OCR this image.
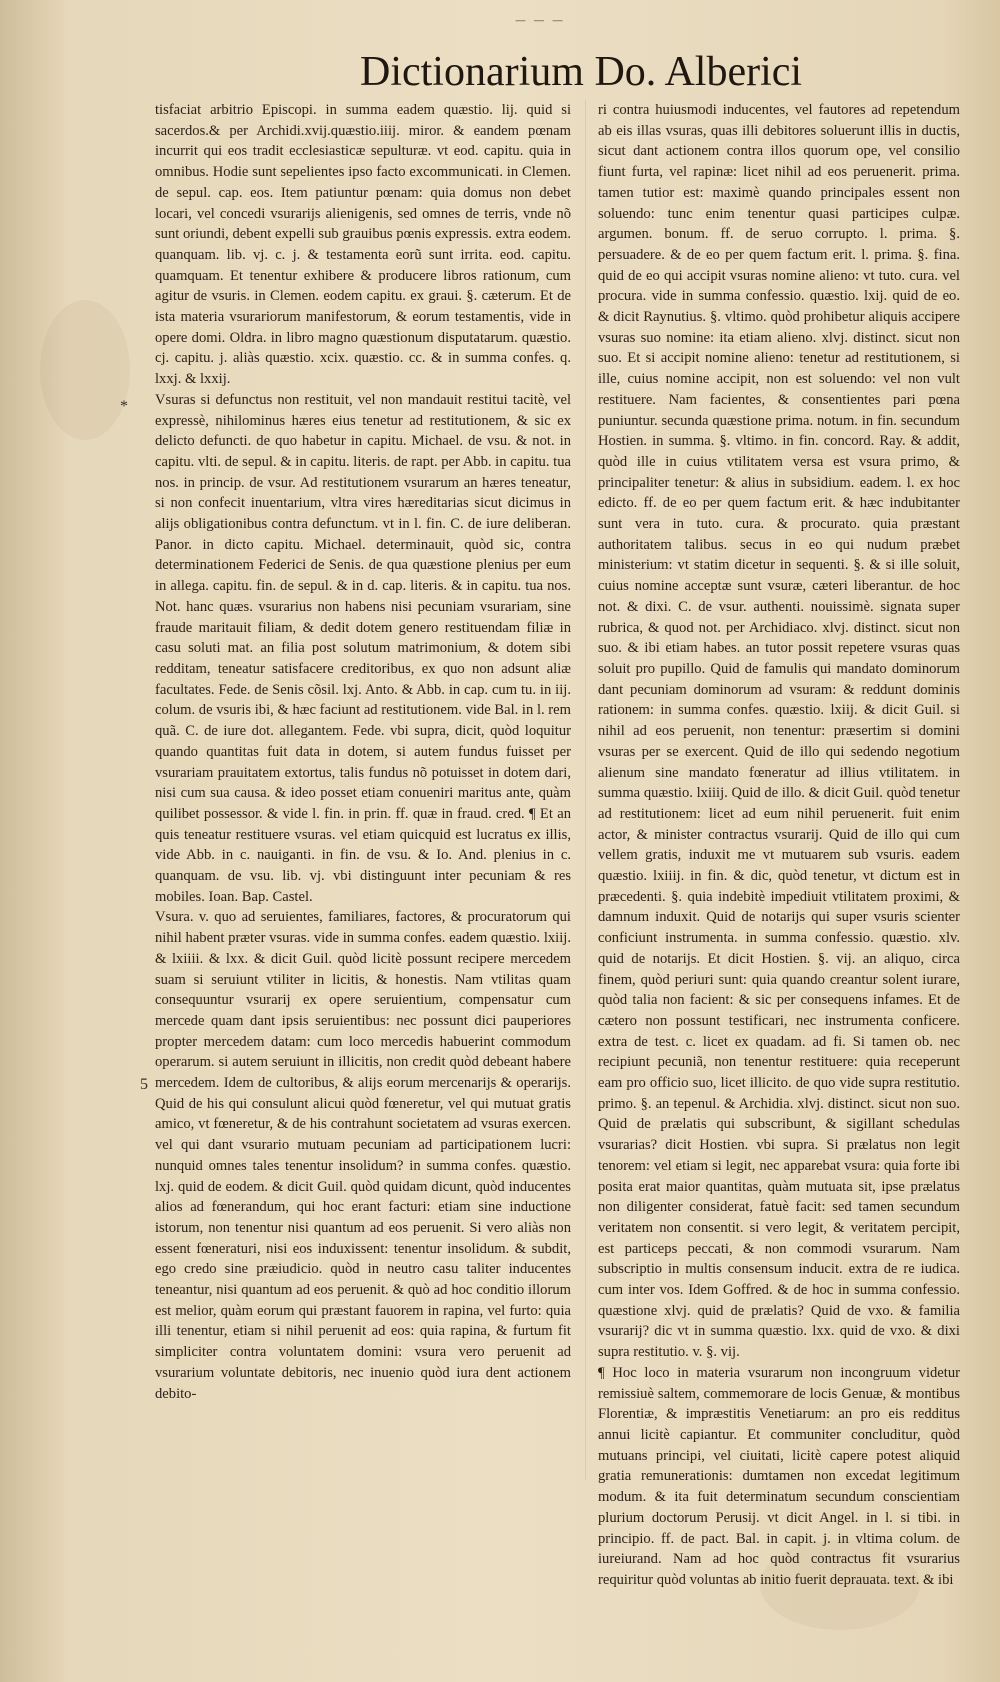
— — —
Dictionarium Do. Alberici
*
5

tisfaciat arbitrio Episcopi. in summa eadem quæstio. lij. quid si sacerdos.& per Archidi.xvij.quæstio.iiij. miror. & eandem pœnam incurrit qui eos tradit ecclesiasticæ sepulturæ. vt eod. capitu. quia in omnibus. Hodie sunt sepelientes ipso facto excommunicati. in Clemen. de sepul. cap. eos. Item patiuntur pœnam: quia domus non debet locari, vel concedi vsurarijs alienigenis, sed omnes de terris, vnde nõ sunt oriundi, debent expelli sub grauibus pœnis expressis. extra eodem. quanquam. lib. vj. c. j. & testamenta eorũ sunt irrita. eod. capitu. quamquam. Et tenentur exhibere & producere libros rationum, cum agitur de vsuris. in Clemen. eodem capitu. ex graui. §. cæterum. Et de ista materia vsurariorum manifestorum, & eorum testamentis, vide in opere domi. Oldra. in libro magno quæstionum disputatarum. quæstio. cj. capitu. j. aliàs quæstio. xcix. quæstio. cc. & in summa confes. q. lxxj. & lxxij.

Vsuras si defunctus non restituit, vel non mandauit restitui tacitè, vel expressè, nihilominus hæres eius tenetur ad restitutionem, & sic ex delicto defuncti. de quo habetur in capitu. Michael. de vsu. & not. in capitu. vlti. de sepul. & in capitu. literis. de rapt. per Abb. in capitu. tua nos. in princip. de vsur. Ad restitutionem vsurarum an hæres teneatur, si non confecit inuentarium, vltra vires hæreditarias sicut dicimus in alijs obligationibus contra defunctum. vt in l. fin. C. de iure deliberan. Panor. in dicto capitu. Michael. determinauit, quòd sic, contra determinationem Federici de Senis. de qua quæstione plenius per eum in allega. capitu. fin. de sepul. & in d. cap. literis. & in capitu. tua nos. Not. hanc quæs. vsurarius non habens nisi pecuniam vsurariam, sine fraude maritauit filiam, & dedit dotem genero restituendam filiæ in casu soluti mat. an filia post solutum matrimonium, & dotem sibi redditam, teneatur satisfacere creditoribus, ex quo non adsunt aliæ facultates. Fede. de Senis cõsil. lxj. Anto. & Abb. in cap. cum tu. in iij. colum. de vsuris ibi, & hæc faciunt ad restitutionem. vide Bal. in l. rem quã. C. de iure dot. allegantem. Fede. vbi supra, dicit, quòd loquitur quando quantitas fuit data in dotem, si autem fundus fuisset per vsurariam prauitatem extortus, talis fundus nõ potuisset in dotem dari, nisi cum sua causa. & ideo posset etiam conueniri maritus ante, quàm quilibet possessor. & vide l. fin. in prin. ff. quæ in fraud. cred. ¶ Et an quis teneatur restituere vsuras. vel etiam quicquid est lucratus ex illis, vide Abb. in c. nauiganti. in fin. de vsu. & Io. And. plenius in c. quanquam. de vsu. lib. vj. vbi distinguunt inter pecuniam & res mobiles. Ioan. Bap. Castel.

Vsura. v. quo ad seruientes, familiares, factores, & procuratorum qui nihil habent præter vsuras. vide in summa confes. eadem quæstio. lxiij. & lxiiii. & lxx. & dicit Guil. quòd licitè possunt recipere mercedem suam si seruiunt vtiliter in licitis, & honestis. Nam vtilitas quam consequuntur vsurarij ex opere seruientium, compensatur cum mercede quam dant ipsis seruientibus: nec possunt dici pauperiores propter mercedem datam: cum loco mercedis habuerint commodum operarum. si autem seruiunt in illicitis, non credit quòd debeant habere mercedem. Idem de cultoribus, & alijs eorum mercenarijs & operarijs. Quid de his qui consulunt alicui quòd fœneretur, vel qui mutuat gratis amico, vt fœneretur, & de his contrahunt societatem ad vsuras exercen. vel qui dant vsurario mutuam pecuniam ad participationem lucri: nunquid omnes tales tenentur insolidum? in summa confes. quæstio. lxj. quid de eodem. & dicit Guil. quòd quidam dicunt, quòd inducentes alios ad fœnerandum, qui hoc erant facturi: etiam sine inductione istorum, non tenentur nisi quantum ad eos peruenit. Si vero aliàs non essent fœneraturi, nisi eos induxissent: tenentur insolidum. & subdit, ego credo sine præiudicio. quòd in neutro casu taliter inducentes teneantur, nisi quantum ad eos peruenit. & quò ad hoc conditio illorum est melior, quàm eorum qui præstant fauorem in rapina, vel furto: quia illi tenentur, etiam si nihil peruenit ad eos: quia rapina, & furtum fit simpliciter contra voluntatem domini: vsura vero peruenit ad vsurarium voluntate debitoris, nec inuenio quòd iura dent actionem debito-

ri contra huiusmodi inducentes, vel fautores ad repetendum ab eis illas vsuras, quas illi debitores soluerunt illis in ductis, sicut dant actionem contra illos quorum ope, vel consilio fiunt furta, vel rapinæ: licet nihil ad eos peruenerit. prima. tamen tutior est: maximè quando principales essent non soluendo: tunc enim tenentur quasi participes culpæ. argumen. bonum. ff. de seruo corrupto. l. prima. §. persuadere. & de eo per quem factum erit. l. prima. §. fina. quid de eo qui accipit vsuras nomine alieno: vt tuto. cura. vel procura. vide in summa confessio. quæstio. lxij. quid de eo. & dicit Raynutius. §. vltimo. quòd prohibetur aliquis accipere vsuras suo nomine: ita etiam alieno. xlvj. distinct. sicut non suo. Et si accipit nomine alieno: tenetur ad restitutionem, si ille, cuius nomine accipit, non est soluendo: vel non vult restituere. Nam facientes, & consentientes pari pœna puniuntur. secunda quæstione prima. notum. in fin. secundum Hostien. in summa. §. vltimo. in fin. concord. Ray. & addit, quòd ille in cuius vtilitatem versa est vsura primo, & principaliter tenetur: & alius in subsidium. eadem. l. ex hoc edicto. ff. de eo per quem factum erit. & hæc indubitanter sunt vera in tuto. cura. & procurato. quia præstant authoritatem talibus. secus in eo qui nudum præbet ministerium: vt statim dicetur in sequenti. §. & si ille soluit, cuius nomine acceptæ sunt vsuræ, cæteri liberantur. de hoc not. & dixi. C. de vsur. authenti. nouissimè. signata super rubrica, & quod not. per Archidiaco. xlvj. distinct. sicut non suo. & ibi etiam habes. an tutor possit repetere vsuras quas soluit pro pupillo. Quid de famulis qui mandato dominorum dant pecuniam dominorum ad vsuram: & reddunt dominis rationem: in summa confes. quæstio. lxiij. & dicit Guil. si nihil ad eos peruenit, non tenentur: præsertim si domini vsuras per se exercent. Quid de illo qui sedendo negotium alienum sine mandato fœneratur ad illius vtilitatem. in summa quæstio. lxiiij. Quid de illo. & dicit Guil. quòd tenetur ad restitutionem: licet ad eum nihil peruenerit. fuit enim actor, & minister contractus vsurarij. Quid de illo qui cum vellem gratis, induxit me vt mutuarem sub vsuris. eadem quæstio. lxiiij. in fin. & dic, quòd tenetur, vt dictum est in præcedenti. §. quia indebitè impediuit vtilitatem proximi, & damnum induxit. Quid de notarijs qui super vsuris scienter conficiunt instrumenta. in summa confessio. quæstio. xlv. quid de notarijs. Et dicit Hostien. §. vij. an aliquo, circa finem, quòd periuri sunt: quia quando creantur solent iurare, quòd talia non facient: & sic per consequens infames. Et de cætero non possunt testificari, nec instrumenta conficere. extra de test. c. licet ex quadam. ad fi. Si tamen ob. nec recipiunt pecuniã, non tenentur restituere: quia receperunt eam pro officio suo, licet illicito. de quo vide supra restitutio. primo. §. an tepenul. & Archidia. xlvj. distinct. sicut non suo. Quid de prælatis qui subscribunt, & sigillant schedulas vsurarias? dicit Hostien. vbi supra. Si prælatus non legit tenorem: vel etiam si legit, nec apparebat vsura: quia forte ibi posita erat maior quantitas, quàm mutuata sit, ipse prælatus non diligenter considerat, fatuè facit: sed tamen secundum veritatem non consentit. si vero legit, & veritatem percipit, est particeps peccati, & non commodi vsurarum. Nam subscriptio in multis consensum inducit. extra de re iudica. cum inter vos. Idem Goffred. & de hoc in summa confessio. quæstione xlvj. quid de prælatis? Quid de vxo. & familia vsurarij? dic vt in summa quæstio. lxx. quid de vxo. & dixi supra restitutio. v. §. vij.

¶ Hoc loco in materia vsurarum non incongruum videtur remissiuè saltem, commemorare de locis Genuæ, & montibus Florentiæ, & impræstitis Venetiarum: an pro eis redditus annui licitè capiantur. Et communiter concluditur, quòd mutuans principi, vel ciuitati, licitè capere potest aliquid gratia remunerationis: dumtamen non excedat legitimum modum. & ita fuit determinatum secundum conscientiam plurium doctorum Perusij. vt dicit Angel. in l. si tibi. in principio. ff. de pact. Bal. in capit. j. in vltima colum. de iureiurand. Nam ad hoc quòd contractus fit vsurarius requiritur quòd voluntas ab initio fuerit deprauata. text. & ibi
